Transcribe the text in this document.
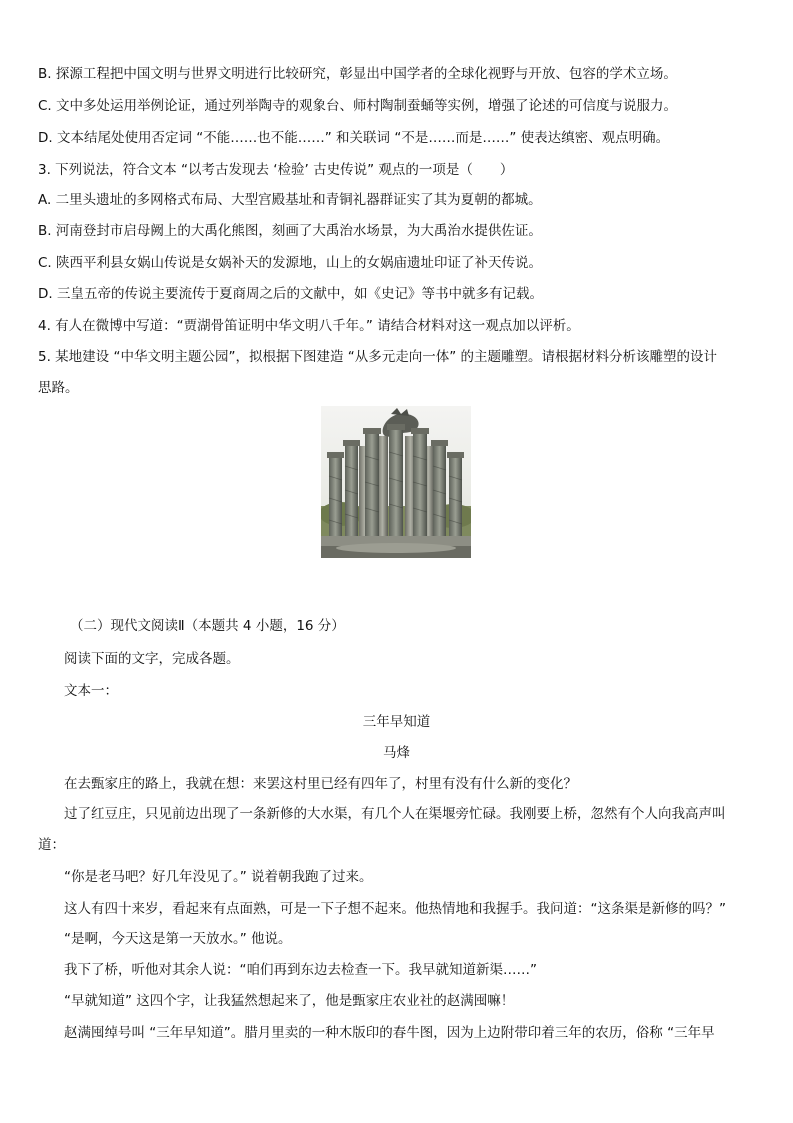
B. 探源工程把中国文明与世界文明进行比较研究，彰显出中国学者的全球化视野与开放、包容的学术立场。
C. 文中多处运用举例论证，通过列举陶寺的观象台、师村陶制蚕蛹等实例，增强了论述的可信度与说服力。
D. 文本结尾处使用否定词 “不能……也不能……” 和关联词 “不是……而是……” 使表达缜密、观点明确。
3. 下列说法，符合文本 “以考古发现去 ‘检验’ 古史传说” 观点的一项是（　　）
A. 二里头遗址的多网格式布局、大型宫殿基址和青铜礼器群证实了其为夏朝的都城。
B. 河南登封市启母阙上的大禹化熊图，刻画了大禹治水场景，为大禹治水提供佐证。
C. 陕西平利县女娲山传说是女娲补天的发源地，山上的女娲庙遗址印证了补天传说。
D. 三皇五帝的传说主要流传于夏商周之后的文献中，如《史记》等书中就多有记载。
4. 有人在微博中写道：“贾湖骨笛证明中华文明八千年。” 请结合材料对这一观点加以评析。
5. 某地建设 “中华文明主题公园”，拟根据下图建造 “从多元走向一体” 的主题雕塑。请根据材料分析该雕塑的设计
思路。
（二）现代文阅读Ⅱ（本题共 4 小题，16 分）
阅读下面的文字，完成各题。
文本一：
三年早知道
马烽
在去甄家庄的路上，我就在想：来罢这村里已经有四年了，村里有没有什么新的变化？
过了红豆庄，只见前边出现了一条新修的大水渠，有几个人在渠堰旁忙碌。我刚要上桥，忽然有个人向我高声叫
道：
“你是老马吧？好几年没见了。” 说着朝我跑了过来。
这人有四十来岁，看起来有点面熟，可是一下子想不起来。他热情地和我握手。我问道：“这条渠是新修的吗？”
“是啊，今天这是第一天放水。” 他说。
我下了桥，听他对其余人说：“咱们再到东边去检查一下。我早就知道新渠……”
“早就知道” 这四个字，让我猛然想起来了，他是甄家庄农业社的赵满囤嘛！
赵满囤绰号叫 “三年早知道”。腊月里卖的一种木版印的春牛图，因为上边附带印着三年的农历，俗称 “三年早
